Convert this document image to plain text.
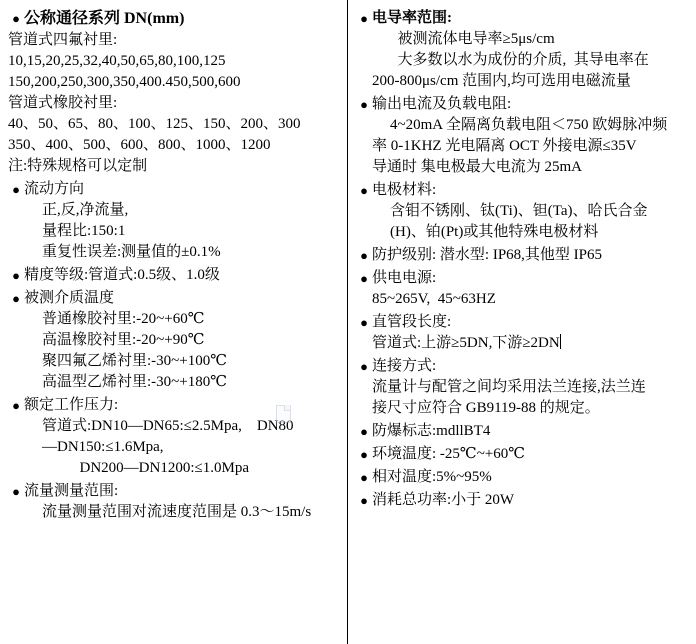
●
公称通径系列 DN(mm)
管道式四氟衬里:
10,15,20,25,32,40,50,65,80,100,125
150,200,250,300,350,400.450,500,600
管道式橡胶衬里:
40、50、65、80、100、125、150、200、300
350、400、500、600、800、1000、1200
注:特殊规格可以定制
●
流动方向
正,反,净流量,
量程比:150:1
重复性误差:测量值的±0.1%
●
精度等级:管道式:0.5级、1.0级
●
被测介质温度
普通橡胶衬里:-20~+60℃
高温橡胶衬里:-20~+90℃
聚四氟乙烯衬里:-30~+100℃
高温型乙烯衬里:-30~+180℃
●
额定工作压力:
管道式:DN10—DN65:≤2.5Mpa,    DN80
—DN150:≤1.6Mpa,
DN200—DN1200:≤1.0Mpa
●
流量测量范围:
流量测量范围对流速度范围是 0.3～15m/s
●
电导率范围:
被测流体电导率≥5μs/cm
大多数以水为成份的介质,  其导电率在
200-800μs/cm 范围内,均可选用电磁流量
●
输出电流及负载电阻:
4~20mA 全隔离负载电阻＜750 欧姆脉冲频
率 0-1KHZ 光电隔离 OCT 外接电源≤35V
导通时 集电极最大电流为 25mA
●
电极材料:
含钼不锈刚、钛(Ti)、钽(Ta)、哈氏合金
(H)、铂(Pt)或其他特殊电极材料
●
防护级别: 潜水型: IP68,其他型 IP65
●
供电电源:
85~265V,  45~63HZ
●
直管段长度:
管道式:上游≥5DN,下游≥2DN
●
连接方式:
流量计与配管之间均采用法兰连接,法兰连
接尺寸应符合 GB9119-88 的规定。
●
防爆标志:mdllBT4
●
环境温度: -25℃~+60℃
●
相对温度:5%~95%
●
消耗总功率:小于 20W
